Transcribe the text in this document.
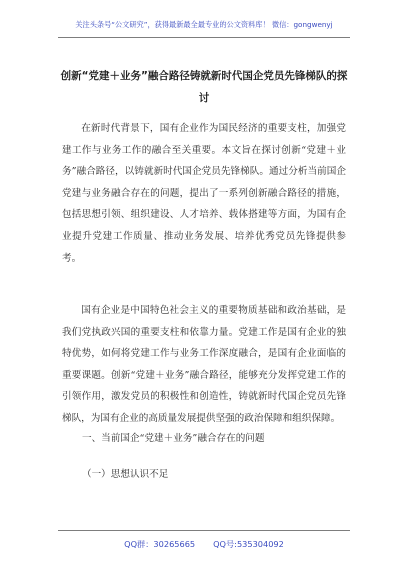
关注头条号“公文研究”，获得最新最全最专业的公文资料库！ 微信：gongwenyj
创新“党建＋业务”融合路径铸就新时代国企党员先锋梯队的探讨
在新时代背景下，国有企业作为国民经济的重要支柱，加强党建工作与业务工作的融合至关重要。本文旨在探讨创新“党建＋业务”融合路径，以铸就新时代国企党员先锋梯队。通过分析当前国企党建与业务融合存在的问题，提出了一系列创新融合路径的措施，包括思想引领、组织建设、人才培养、载体搭建等方面，为国有企业提升党建工作质量、推动业务发展、培养优秀党员先锋提供参考。
国有企业是中国特色社会主义的重要物质基础和政治基础，是我们党执政兴国的重要支柱和依靠力量。党建工作是国有企业的独特优势，如何将党建工作与业务工作深度融合，是国有企业面临的重要课题。创新“党建＋业务”融合路径，能够充分发挥党建工作的引领作用，激发党员的积极性和创造性，铸就新时代国企党员先锋梯队，为国有企业的高质量发展提供坚强的政治保障和组织保障。
一、当前国企“党建＋业务”融合存在的问题
（一）思想认识不足
QQ群：30265665 QQ号:535304092
